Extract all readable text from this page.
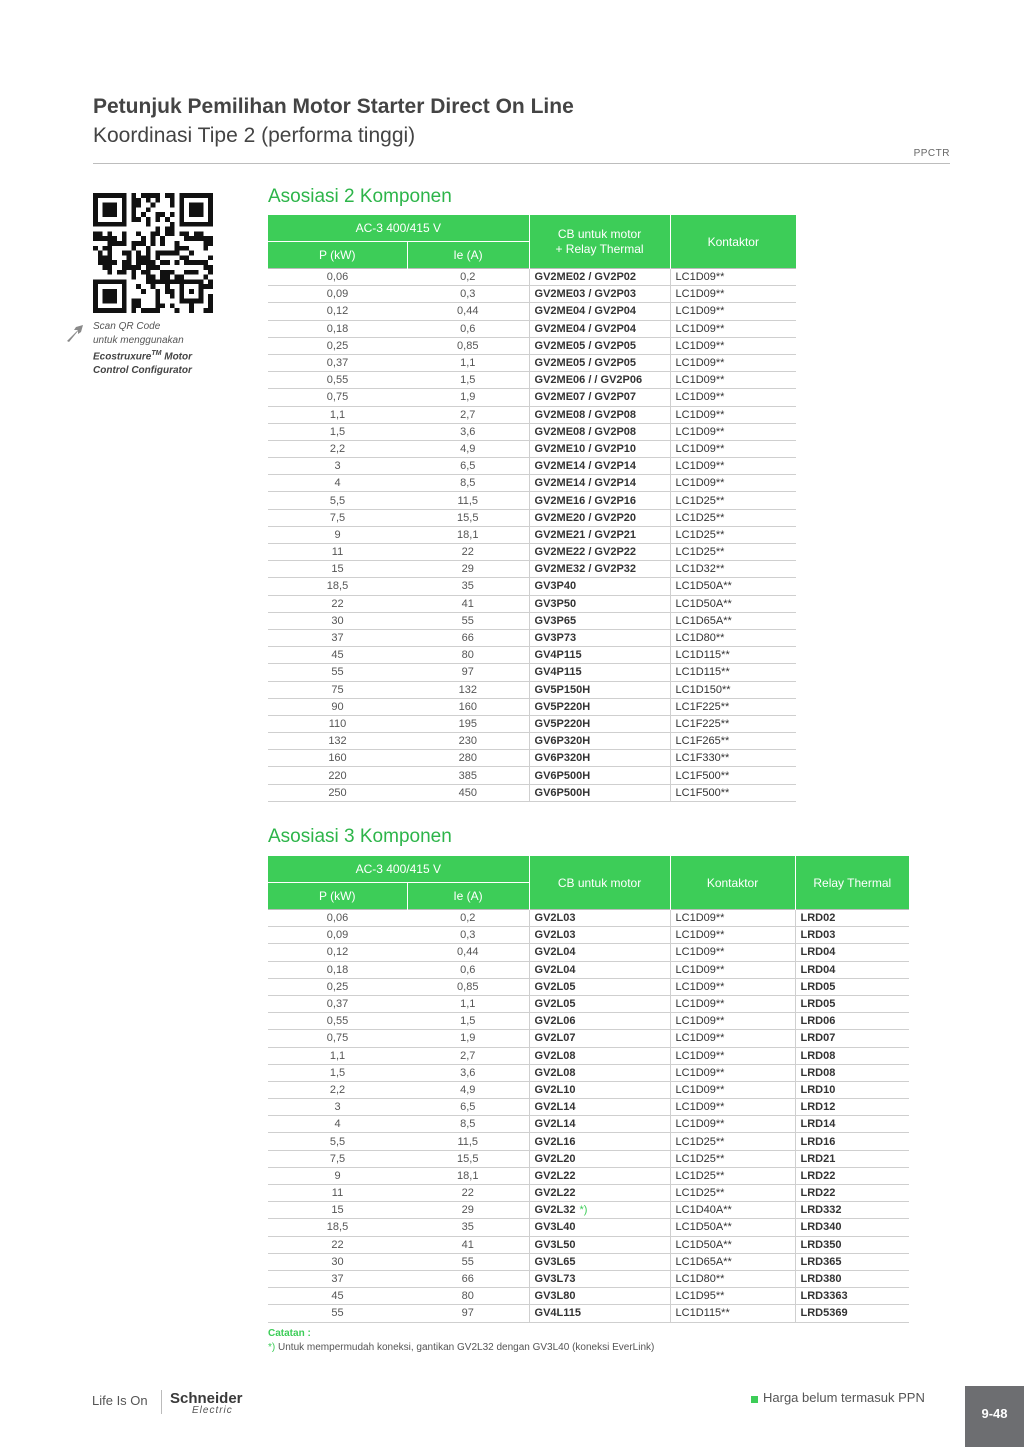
Petunjuk Pemilihan Motor Starter Direct On Line
Koordinasi Tipe 2 (performa tinggi)
PPCTR
Scan QR Code
untuk menggunakan
Ecostruxure™ Motor
Control Configurator
Asosiasi 2 Komponen
AC-3 400/415 V		CB untuk motor
+ Relay Thermal	Kontaktor
P (kW)	Ie (A)		
0,06	0,2	GV2ME02 / GV2P02	LC1D09**
0,09	0,3	GV2ME03 / GV2P03	LC1D09**
0,12	0,44	GV2ME04 / GV2P04	LC1D09**
0,18	0,6	GV2ME04 / GV2P04	LC1D09**
0,25	0,85	GV2ME05 / GV2P05	LC1D09**
0,37	1,1	GV2ME05 / GV2P05	LC1D09**
0,55	1,5	GV2ME06 / / GV2P06	LC1D09**
0,75	1,9	GV2ME07 / GV2P07	LC1D09**
1,1	2,7	GV2ME08 / GV2P08	LC1D09**
1,5	3,6	GV2ME08 / GV2P08	LC1D09**
2,2	4,9	GV2ME10 / GV2P10	LC1D09**
3	6,5	GV2ME14 / GV2P14	LC1D09**
4	8,5	GV2ME14 / GV2P14	LC1D09**
5,5	11,5	GV2ME16 / GV2P16	LC1D25**
7,5	15,5	GV2ME20 / GV2P20	LC1D25**
9	18,1	GV2ME21 / GV2P21	LC1D25**
11	22	GV2ME22 / GV2P22	LC1D25**
15	29	GV2ME32 / GV2P32	LC1D32**
18,5	35	GV3P40	LC1D50A**
22	41	GV3P50	LC1D50A**
30	55	GV3P65	LC1D65A**
37	66	GV3P73	LC1D80**
45	80	GV4P115	LC1D115**
55	97	GV4P115	LC1D115**
75	132	GV5P150H	LC1D150**
90	160	GV5P220H	LC1F225**
110	195	GV5P220H	LC1F225**
132	230	GV6P320H	LC1F265**
160	280	GV6P320H	LC1F330**
220	385	GV6P500H	LC1F500**
250	450	GV6P500H	LC1F500**
Asosiasi 3 Komponen
AC-3 400/415 V		CB untuk motor	Kontaktor	Relay Thermal
P (kW)	Ie (A)			
0,06	0,2	GV2L03	LC1D09**	LRD02
0,09	0,3	GV2L03	LC1D09**	LRD03
0,12	0,44	GV2L04	LC1D09**	LRD04
0,18	0,6	GV2L04	LC1D09**	LRD04
0,25	0,85	GV2L05	LC1D09**	LRD05
0,37	1,1	GV2L05	LC1D09**	LRD05
0,55	1,5	GV2L06	LC1D09**	LRD06
0,75	1,9	GV2L07	LC1D09**	LRD07
1,1	2,7	GV2L08	LC1D09**	LRD08
1,5	3,6	GV2L08	LC1D09**	LRD08
2,2	4,9	GV2L10	LC1D09**	LRD10
3	6,5	GV2L14	LC1D09**	LRD12
4	8,5	GV2L14	LC1D09**	LRD14
5,5	11,5	GV2L16	LC1D25**	LRD16
7,5	15,5	GV2L20	LC1D25**	LRD21
9	18,1	GV2L22	LC1D25**	LRD22
11	22	GV2L22	LC1D25**	LRD22
15	29	GV2L32 *)	LC1D40A**	LRD332
18,5	35	GV3L40	LC1D50A**	LRD340
22	41	GV3L50	LC1D50A**	LRD350
30	55	GV3L65	LC1D65A**	LRD365
37	66	GV3L73	LC1D80**	LRD380
45	80	GV3L80	LC1D95**	LRD3363
55	97	GV4L115	LC1D115**	LRD5369
Catatan :
*) Untuk mempermudah koneksi, gantikan GV2L32 dengan GV3L40 (koneksi EverLink)
Life Is On Schneider
Electric
Harga belum termasuk PPN
9-48
